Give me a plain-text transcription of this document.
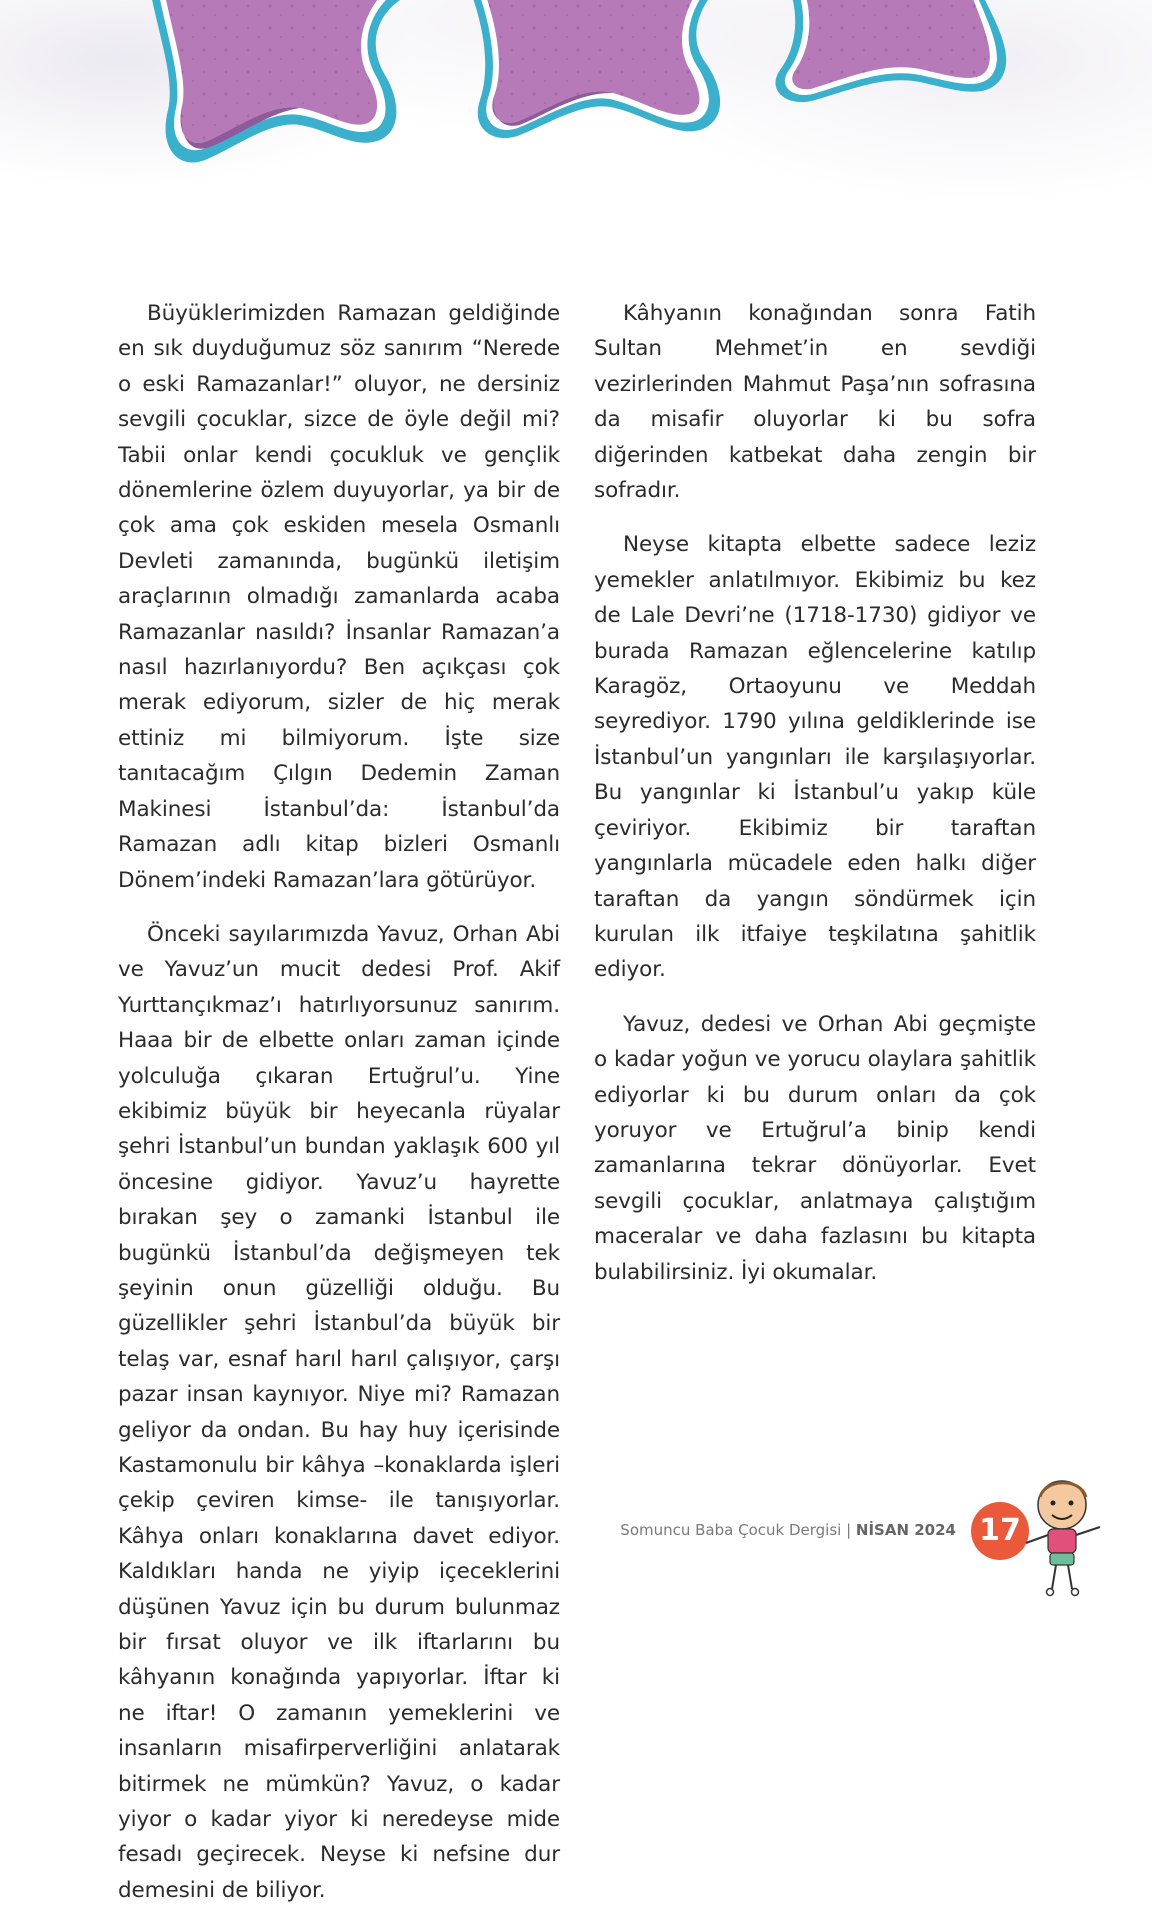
Büyüklerimizden Ramazan geldiğinde en sık duyduğumuz söz sanırım “Nerede o eski Ramazanlar!” oluyor, ne dersiniz sevgili çocuklar, sizce de öyle değil mi? Tabii onlar kendi çocukluk ve gençlik dönemlerine özlem duyuyorlar, ya bir de çok ama çok eskiden mesela Osmanlı Devleti zamanında, bugünkü iletişim araçlarının olmadığı zamanlarda acaba Ramazanlar nasıldı? İnsanlar Ramazan’a nasıl hazırlanıyordu? Ben açıkçası çok merak ediyorum, sizler de hiç merak ettiniz mi bilmiyorum. İşte size tanıtacağım Çılgın Dedemin Zaman Makinesi İstanbul’da: İstanbul’da Ramazan adlı kitap bizleri Osmanlı Dönem’indeki Ramazan’lara götürüyor.

Önceki sayılarımızda Yavuz, Orhan Abi ve Yavuz’un mucit dedesi Prof. Akif Yurttançıkmaz’ı hatırlıyorsunuz sanırım. Haaa bir de elbette onları zaman içinde yolculuğa çıkaran Ertuğrul’u. Yine ekibimiz büyük bir heyecanla rüyalar şehri İstanbul’un bundan yaklaşık 600 yıl öncesine gidiyor. Yavuz’u hayrette bırakan şey o zamanki İstanbul ile bugünkü İstanbul’da değişmeyen tek şeyinin onun güzelliği olduğu. Bu güzellikler şehri İstanbul’da büyük bir telaş var, esnaf harıl harıl çalışıyor, çarşı pazar insan kaynıyor. Niye mi? Ramazan geliyor da ondan. Bu hay huy içerisinde Kastamonulu bir kâhya –konaklarda işleri çekip çeviren kimse- ile tanışıyorlar. Kâhya onları konaklarına davet ediyor. Kaldıkları handa ne yiyip içeceklerini düşünen Yavuz için bu durum bulunmaz bir fırsat oluyor ve ilk iftarlarını bu kâhyanın konağında yapıyorlar. İftar ki ne iftar! O zamanın yemeklerini ve insanların misafirperverliğini anlatarak bitirmek ne mümkün? Yavuz, o kadar yiyor o kadar yiyor ki neredeyse mide fesadı geçirecek. Neyse ki nefsine dur demesini de biliyor.

Kâhyanın konağından sonra Fatih Sultan Mehmet’in en sevdiği vezirlerinden Mahmut Paşa’nın sofrasına da misafir oluyorlar ki bu sofra diğerinden katbekat daha zengin bir sofradır.

Neyse kitapta elbette sadece leziz yemekler anlatılmıyor. Ekibimiz bu kez de Lale Devri’ne (1718-1730) gidiyor ve burada Ramazan eğlencelerine katılıp Karagöz, Ortaoyunu ve Meddah seyrediyor. 1790 yılına geldiklerinde ise İstanbul’un yangınları ile karşılaşıyorlar. Bu yangınlar ki İstanbul’u yakıp küle çeviriyor. Ekibimiz bir taraftan yangınlarla mücadele eden halkı diğer taraftan da yangın söndürmek için kurulan ilk itfaiye teşkilatına şahitlik ediyor.

Yavuz, dedesi ve Orhan Abi geçmişte o kadar yoğun ve yorucu olaylara şahitlik ediyorlar ki bu durum onları da çok yoruyor ve Ertuğrul’a binip kendi zamanlarına tekrar dönüyorlar. Evet sevgili çocuklar, anlatmaya çalıştığım maceralar ve daha fazlasını bu kitapta bulabilirsiniz. İyi okumalar.

Somuncu Baba Çocuk Dergisi | NİSAN 2024 17
